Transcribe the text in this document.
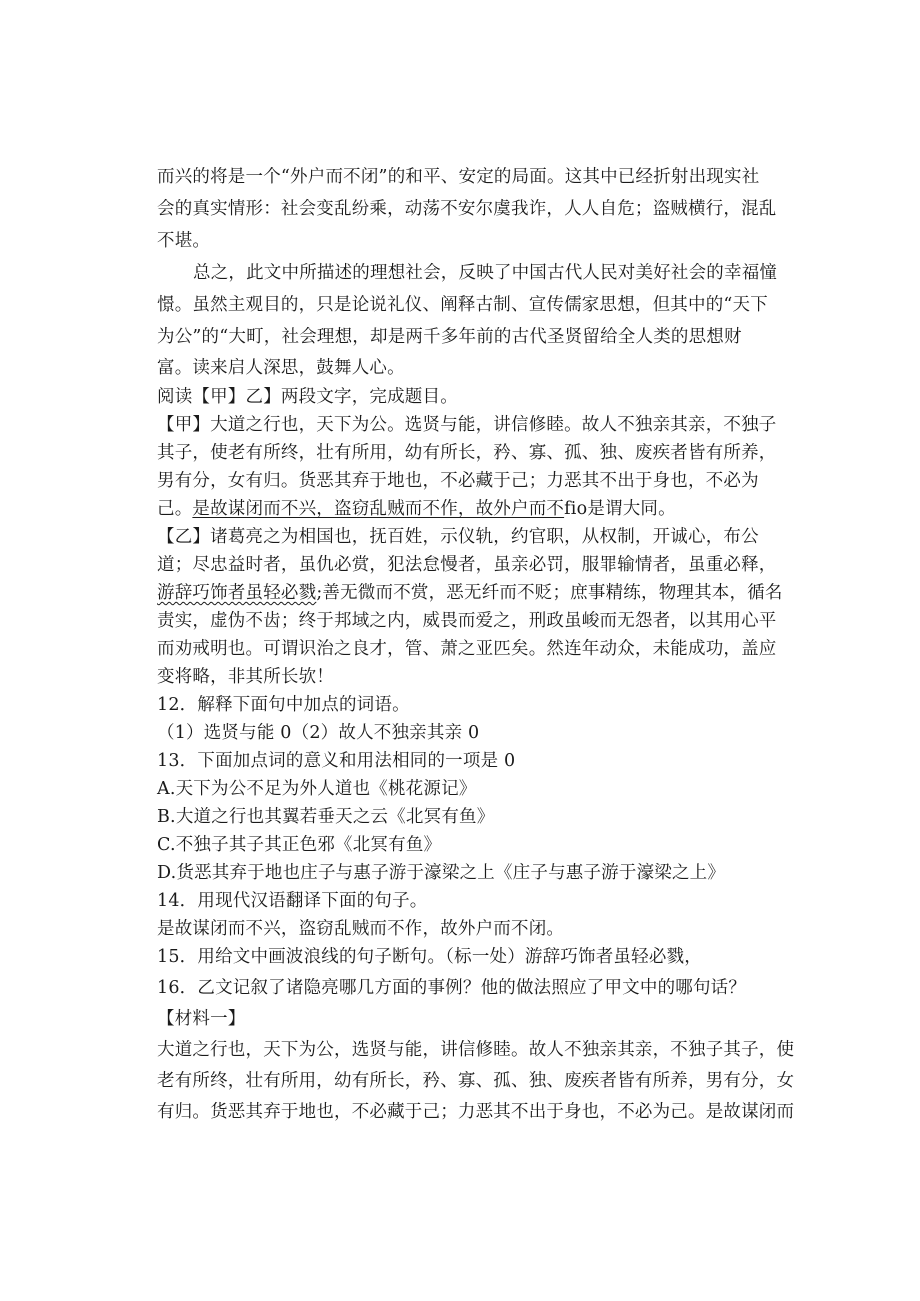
而兴的将是一个“外户而不闭”的和平、安定的局面。这其中已经折射出现实社
会的真实情形：社会变乱纷乘，动荡不安尔虞我诈，人人自危；盗贼横行，混乱
不堪。
总之，此文中所描述的理想社会，反映了中国古代人民对美好社会的幸福憧
憬。虽然主观目的，只是论说礼仪、阐释古制、宣传儒家思想，但其中的“天下
为公”的“大町，社会理想，却是两千多年前的古代圣贤留给全人类的思想财
富。读来启人深思，鼓舞人心。
阅读【甲】乙】两段文字，完成题目。
【甲】大道之行也，天下为公。选贤与能，讲信修睦。故人不独亲其亲，不独子
其子，使老有所终，壮有所用，幼有所长，矜、寡、孤、独、废疾者皆有所养，
男有分，女有归。货恶其弃于地也，不必藏于己；力恶其不出于身也，不必为
己。是故谋闭而不兴，盗窃乱贼而不作，故外户而不fio是谓大同。
【乙】诸葛亮之为相国也，抚百姓，示仪轨，约官职，从权制，开诚心，布公
道；尽忠益时者，虽仇必赏，犯法怠慢者，虽亲必罚，服罪输情者，虽重必释，
游辞巧饰者虽轻必戮;善无微而不赏，恶无纤而不贬；庶事精练，物理其本，循名
责实，虚伪不齿；终于邦域之内，威畏而爱之，刑政虽峻而无怨者，以其用心平
而劝戒明也。可谓识治之良才，管、萧之亚匹矣。然连年动众，未能成功，盖应
变将略，非其所长欤！
12．解释下面句中加点的词语。
（1）选贤与能 0（2）故人不独亲其亲 0
13．下面加点词的意义和用法相同的一项是 0
A.天下为公不足为外人道也《桃花源记》
B.大道之行也其翼若垂天之云《北冥有鱼》
C.不独子其子其正色邪《北冥有鱼》
D.货恶其弃于地也庄子与惠子游于濠梁之上《庄子与惠子游于濠梁之上》
14．用现代汉语翻译下面的句子。
是故谋闭而不兴，盗窃乱贼而不作，故外户而不闭。
15．用给文中画波浪线的句子断句。（标一处）游辞巧饰者虽轻必戮，
16．乙文记叙了诸隐亮哪几方面的事例？他的做法照应了甲文中的哪句话？
【材料一】
大道之行也，天下为公，选贤与能，讲信修睦。故人不独亲其亲，不独子其子，使
老有所终，壮有所用，幼有所长，矜、寡、孤、独、废疾者皆有所养，男有分，女
有归。货恶其弃于地也，不必藏于己；力恶其不出于身也，不必为己。是故谋闭而
